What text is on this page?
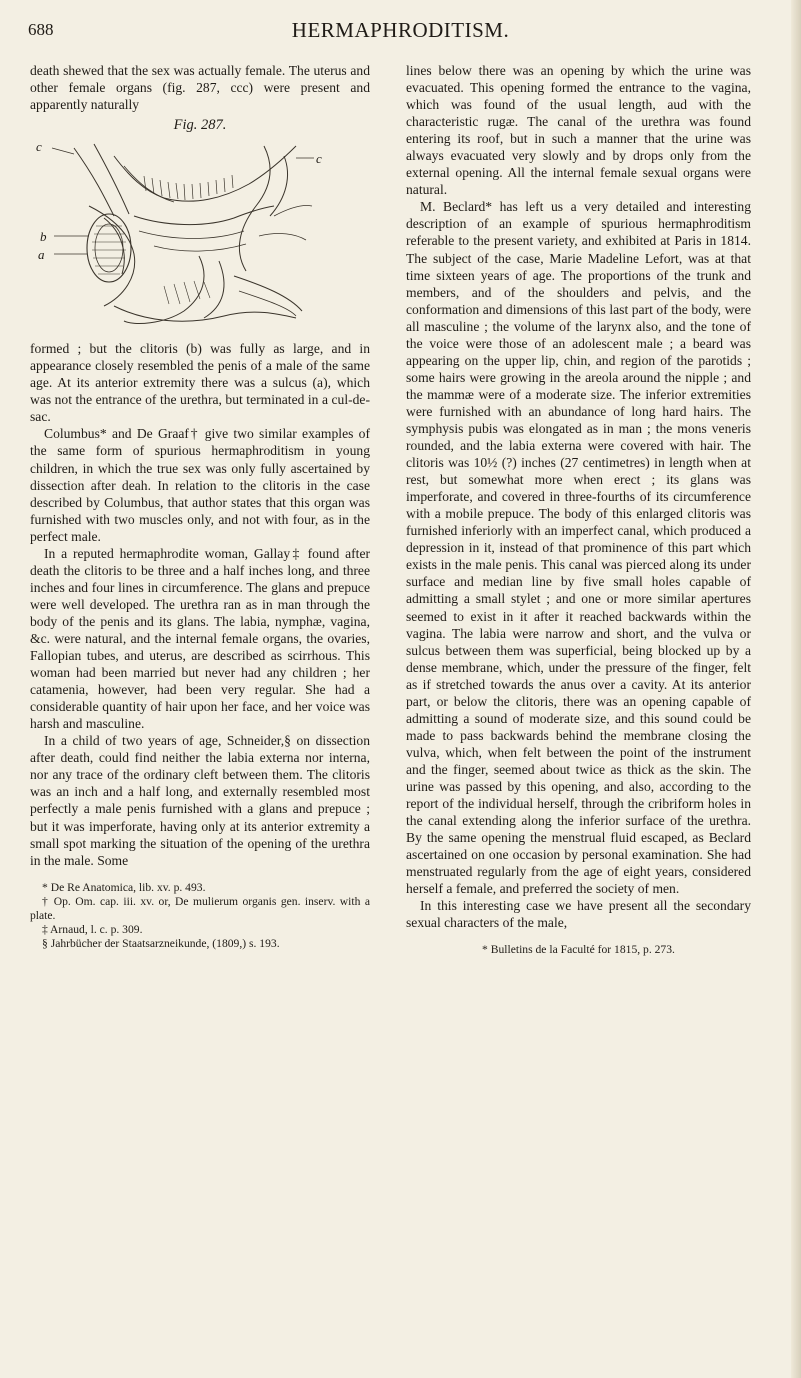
688	HERMAPHRODITISM.

death shewed that the sex was actually female. The uterus and other female organs (fig. 287, ccc) were present and apparently naturally

Fig. 287.
c
c
b
a

formed ; but the clitoris (b) was fully as large, and in appearance closely resembled the penis of a male of the same age. At its anterior extremity there was a sulcus (a), which was not the entrance of the urethra, but terminated in a cul-de-sac.

Columbus* and De Graaf† give two similar examples of the same form of spurious hermaphroditism in young children, in which the true sex was only fully ascertained by dissection after deah. In relation to the clitoris in the case described by Columbus, that author states that this organ was furnished with two muscles only, and not with four, as in the perfect male.

In a reputed hermaphrodite woman, Gallay‡ found after death the clitoris to be three and a half inches long, and three inches and four lines in circumference. The glans and prepuce were well developed. The urethra ran as in man through the body of the penis and its glans. The labia, nymphæ, vagina, &c. were natural, and the internal female organs, the ovaries, Fallopian tubes, and uterus, are described as scirrhous. This woman had been married but never had any children ; her catamenia, however, had been very regular. She had a considerable quantity of hair upon her face, and her voice was harsh and masculine.

In a child of two years of age, Schneider,§ on dissection after death, could find neither the labia externa nor interna, nor any trace of the ordinary cleft between them. The clitoris was an inch and a half long, and externally resembled most perfectly a male penis furnished with a glans and prepuce ; but it was imperforate, having only at its anterior extremity a small spot marking the situation of the opening of the urethra in the male. Some

* De Re Anatomica, lib. xv. p. 493.
† Op. Om. cap. iii. xv. or, De mulierum organis gen. inserv. with a plate.
‡ Arnaud, l. c. p. 309.
§ Jahrbücher der Staatsarzneikunde, (1809,) s. 193.

lines below there was an opening by which the urine was evacuated. This opening formed the entrance to the vagina, which was found of the usual length, aud with the characteristic rugæ. The canal of the urethra was found entering its roof, but in such a manner that the urine was always evacuated very slowly and by drops only from the external opening. All the internal female sexual organs were natural.

M. Beclard* has left us a very detailed and interesting description of an example of spurious hermaphroditism referable to the present variety, and exhibited at Paris in 1814. The subject of the case, Marie Madeline Lefort, was at that time sixteen years of age. The proportions of the trunk and members, and of the shoulders and pelvis, and the conformation and dimensions of this last part of the body, were all masculine ; the volume of the larynx also, and the tone of the voice were those of an adolescent male ; a beard was appearing on the upper lip, chin, and region of the parotids ; some hairs were growing in the areola around the nipple ; and the mammæ were of a moderate size. The inferior extremities were furnished with an abundance of long hard hairs. The symphysis pubis was elongated as in man ; the mons veneris rounded, and the labia externa were covered with hair. The clitoris was 10½ (?) inches (27 centimetres) in length when at rest, but somewhat more when erect ; its glans was imperforate, and covered in three-fourths of its circumference with a mobile prepuce. The body of this enlarged clitoris was furnished inferiorly with an imperfect canal, which produced a depression in it, instead of that prominence of this part which exists in the male penis. This canal was pierced along its under surface and median line by five small holes capable of admitting a small stylet ; and one or more similar apertures seemed to exist in it after it reached backwards within the vagina. The labia were narrow and short, and the vulva or sulcus between them was superficial, being blocked up by a dense membrane, which, under the pressure of the finger, felt as if stretched towards the anus over a cavity. At its anterior part, or below the clitoris, there was an opening capable of admitting a sound of moderate size, and this sound could be made to pass backwards behind the membrane closing the vulva, which, when felt between the point of the instrument and the finger, seemed about twice as thick as the skin. The urine was passed by this opening, and also, according to the report of the individual herself, through the cribriform holes in the canal extending along the inferior surface of the urethra. By the same opening the menstrual fluid escaped, as Beclard ascertained on one occasion by personal examination. She had menstruated regularly from the age of eight years, considered herself a female, and preferred the society of men.

In this interesting case we have present all the secondary sexual characters of the male,

* Bulletins de la Faculté for 1815, p. 273.
